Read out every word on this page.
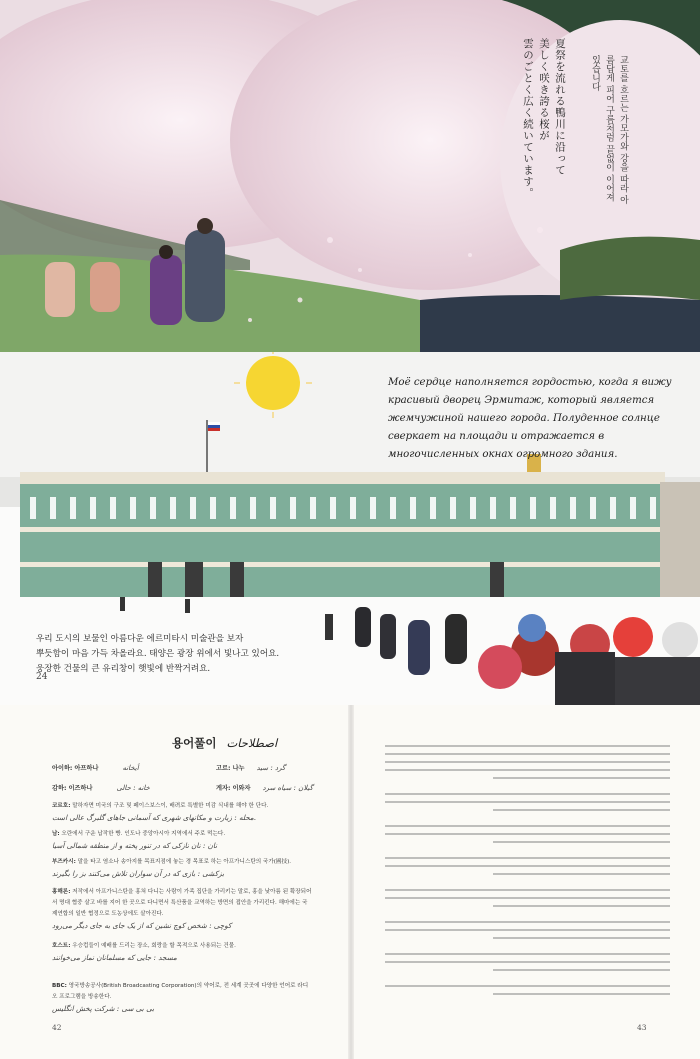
夏祭を流れる鴨川に沿って
美しく咲き誇る桜が
雲のごとく広く続いています。	교토를 흐르는 가모가와 강을 따라 아름답게 피어 구름처럼 끝없이 이어져 있습니다
Моё сердце наполняется гордостью, когда я вижу красивый дворец Эрмитаж, который является жемчужиной нашего города. Полуденное солнце сверкает на площади и отражается в многочисленных окнах огромного здания.
우리 도시의 보물인 아름다운 에르미타시 미술관을 보자
뿌듯함이 마음 가득 차올라요. 태양은 광장 위에서 빛나고 있어요.
웅장한 건물의 큰 유리창이 햇빛에 반짝거려요.
24
용어풀이 اصطلاحات
아이하: 아프하나	اَیخانه	고르: 나누 گرد : سید
감하: 이즈하나	خانه : حالی	게자: 이와자 گیلان : سیاه سرد
코르호: 말하자면 미국의 구조 및 페이스보스이, 배려로 특별한 미감 식내를 해야 한 단다.
محله : زیارت و مکانهای شهری که آسمانی جاهای گلبرگ عالی است.
남: 오란에서 구운 납작한 빵. 인도나 중앙아시아 지역에서 주로 먹는다.
نان : نان نازکی که در تنور پخته و از منطقه شمالی آسیا
부즈카시: 말을 타고 염소나 송아지를 목표지점에 놓는 경 목표로 하는 아프가니스탄의 국가(國技).
بزکشی : بازی که در آن سواران تلاش می‌کنند بز را بگیرند
홍해론: 저작에서 아프가니스탄을 홍쳐 다니는 사람이 가족 집단을 가리키는 말로, 홍을 낮아름 된 확장되어서 명대 협중 살고 바를 지어 한 곳으로 다니면서 특산품을 교역하는 방면의 접안을 가리킨다. 해마에는 국제연합의 일반 협정으로 도농상에도 살아진다.
کوچی : شخص کوچ نشین که از یک جای به جای دیگر می‌رود
호스트: 우승컵들이 예배를 드리는 장소, 회랑을 할 목적으로 사용되는 건물.
مسجد : جایی که مسلمانان نماز می‌خوانند
BBC: 영국방송공사(British Broadcasting Corporation)의 약어로, 전 세계 곳곳에 다양한 언어로 라디오 프로그램을 방송한다.
بی بی سی : شرکت پخش انگلیس
42	43
